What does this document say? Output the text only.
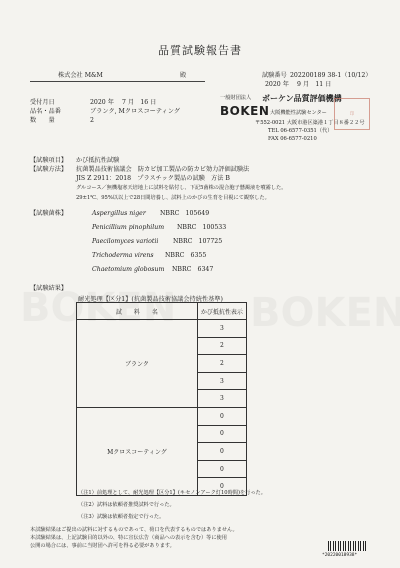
品質試験報告書
株式会社 M&M	殿	試験番号 202200189 38-1（10/12）
2020 年　 9 月　11 日
一般財団法人 ボーケン品質評価機構
BOKEN 大阪機能性試験センター
〒552-0021 大阪市港区築港１丁目８番２２号
TEL 06-6577-0351（代）
FAX 06-6577-0210
印
受付月日	2020 年　 7 月　16 日
品名・品番	ブランク, Mクロスコーティング
数　　量	2
【試験項目】 かび抵抗性試験
【試験方法】 抗菌製品技術協議会　防カビ加工製品の防カビ効力評価試験法
JIS Z 2911：2018　プラスチック製品の試験　方法 B
グルコース／無機塩寒天培地上に試料を貼付し、下記5菌株の混合胞子懸濁液を噴霧した。
29±1℃、95%以以上で28日間培養し、試料上のかびの生育を目視にて観察した。
【試験菌株】	Aspergillus niger NBRC　105649
Penicillium pinophilum NBRC　100533
Paecilomyces variotii NBRC　107725
Trichoderma virens NBRC　6355
Chaetomium globosum NBRC　6347
【試験結果】
耐光処理【区分1】(抗菌製品技術協議会持続性基準)
試　　料　　名	かび抵抗性表示
ブランク	3
	2
	2
	3
	3
Mクロスコーティング	0
	0
	0
	0
	0
（注1）前処理として、耐光処理【区分1】(キセノンアーク灯10時間)を行った。
（注2）試料は依頼者推奨試料で行った。
（注3）試験は依頼者指定で行った。
本試験結果はご提出の試料に対するものであって、荷口を代表するものではありません。
本試験結果は、上記試験目的以外の、特に宣伝広告（商品への表示を含む）等に使用
公開の場合には、事前に当財団へ許可を得る必要があります。
*20220018938*
